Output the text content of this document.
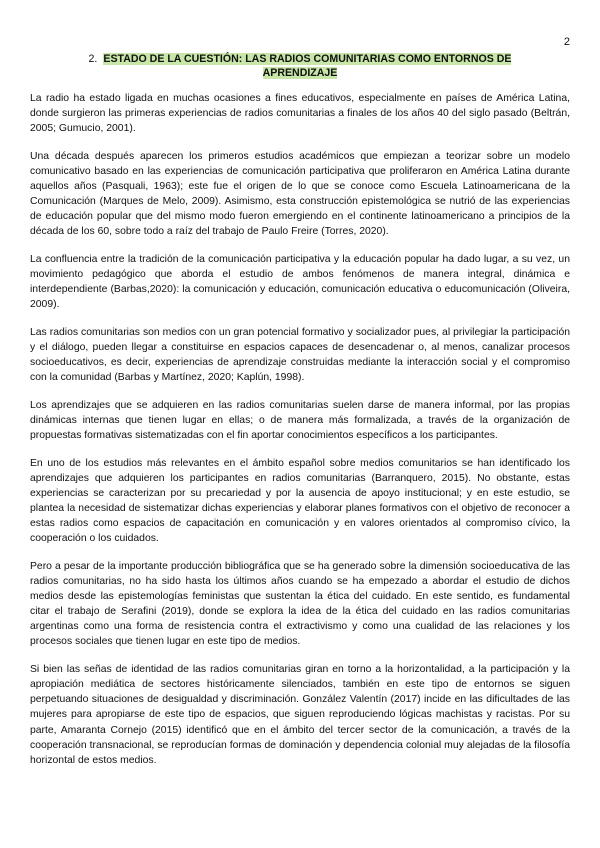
2
2. ESTADO DE LA CUESTIÓN: LAS RADIOS COMUNITARIAS COMO ENTORNOS DE
APRENDIZAJE

La radio ha estado ligada en muchas ocasiones a fines educativos, especialmente en países de América Latina, donde surgieron las primeras experiencias de radios comunitarias a finales de los años 40 del siglo pasado (Beltrán, 2005; Gumucio, 2001).

Una década después aparecen los primeros estudios académicos que empiezan a teorizar sobre un modelo comunicativo basado en las experiencias de comunicación participativa que proliferaron en América Latina durante aquellos años (Pasquali, 1963); este fue el origen de lo que se conoce como Escuela Latinoamericana de la Comunicación (Marques de Melo, 2009). Asimismo, esta construcción epistemológica se nutrió de las experiencias de educación popular que del mismo modo fueron emergiendo en el continente latinoamericano a principios de la década de los 60, sobre todo a raíz del trabajo de Paulo Freire (Torres, 2020).

La confluencia entre la tradición de la comunicación participativa y la educación popular ha dado lugar, a su vez, un movimiento pedagógico que aborda el estudio de ambos fenómenos de manera integral, dinámica e interdependiente (Barbas,2020): la comunicación y educación, comunicación educativa o educomunicación (Oliveira, 2009).

Las radios comunitarias son medios con un gran potencial formativo y socializador pues, al privilegiar la participación y el diálogo, pueden llegar a constituirse en espacios capaces de desencadenar o, al menos, canalizar procesos socioeducativos, es decir, experiencias de aprendizaje construidas mediante la interacción social y el compromiso con la comunidad (Barbas y Martínez, 2020; Kaplún, 1998).

Los aprendizajes que se adquieren en las radios comunitarias suelen darse de manera informal, por las propias dinámicas internas que tienen lugar en ellas; o de manera más formalizada, a través de la organización de propuestas formativas sistematizadas con el fin aportar conocimientos específicos a los participantes.

En uno de los estudios más relevantes en el ámbito español sobre medios comunitarios se han identificado los aprendizajes que adquieren los participantes en radios comunitarias (Barranquero, 2015). No obstante, estas experiencias se caracterizan por su precariedad y por la ausencia de apoyo institucional; y en este estudio, se plantea la necesidad de sistematizar dichas experiencias y elaborar planes formativos con el objetivo de reconocer a estas radios como espacios de capacitación en comunicación y en valores orientados al compromiso cívico, la cooperación o los cuidados.

Pero a pesar de la importante producción bibliográfica que se ha generado sobre la dimensión socioeducativa de las radios comunitarias, no ha sido hasta los últimos años cuando se ha empezado a abordar el estudio de dichos medios desde las epistemologías feministas que sustentan la ética del cuidado. En este sentido, es fundamental citar el trabajo de Serafini (2019), donde se explora la idea de la ética del cuidado en las radios comunitarias argentinas como una forma de resistencia contra el extractivismo y como una cualidad de las relaciones y los procesos sociales que tienen lugar en este tipo de medios.

Si bien las señas de identidad de las radios comunitarias giran en torno a la horizontalidad, a la participación y la apropiación mediática de sectores históricamente silenciados, también en este tipo de entornos se siguen perpetuando situaciones de desigualdad y discriminación. González Valentín (2017) incide en las dificultades de las mujeres para apropiarse de este tipo de espacios, que siguen reproduciendo lógicas machistas y racistas. Por su parte, Amaranta Cornejo (2015) identificó que en el ámbito del tercer sector de la comunicación, a través de la cooperación transnacional, se reproducían formas de dominación y dependencia colonial muy alejadas de la filosofía horizontal de estos medios.
